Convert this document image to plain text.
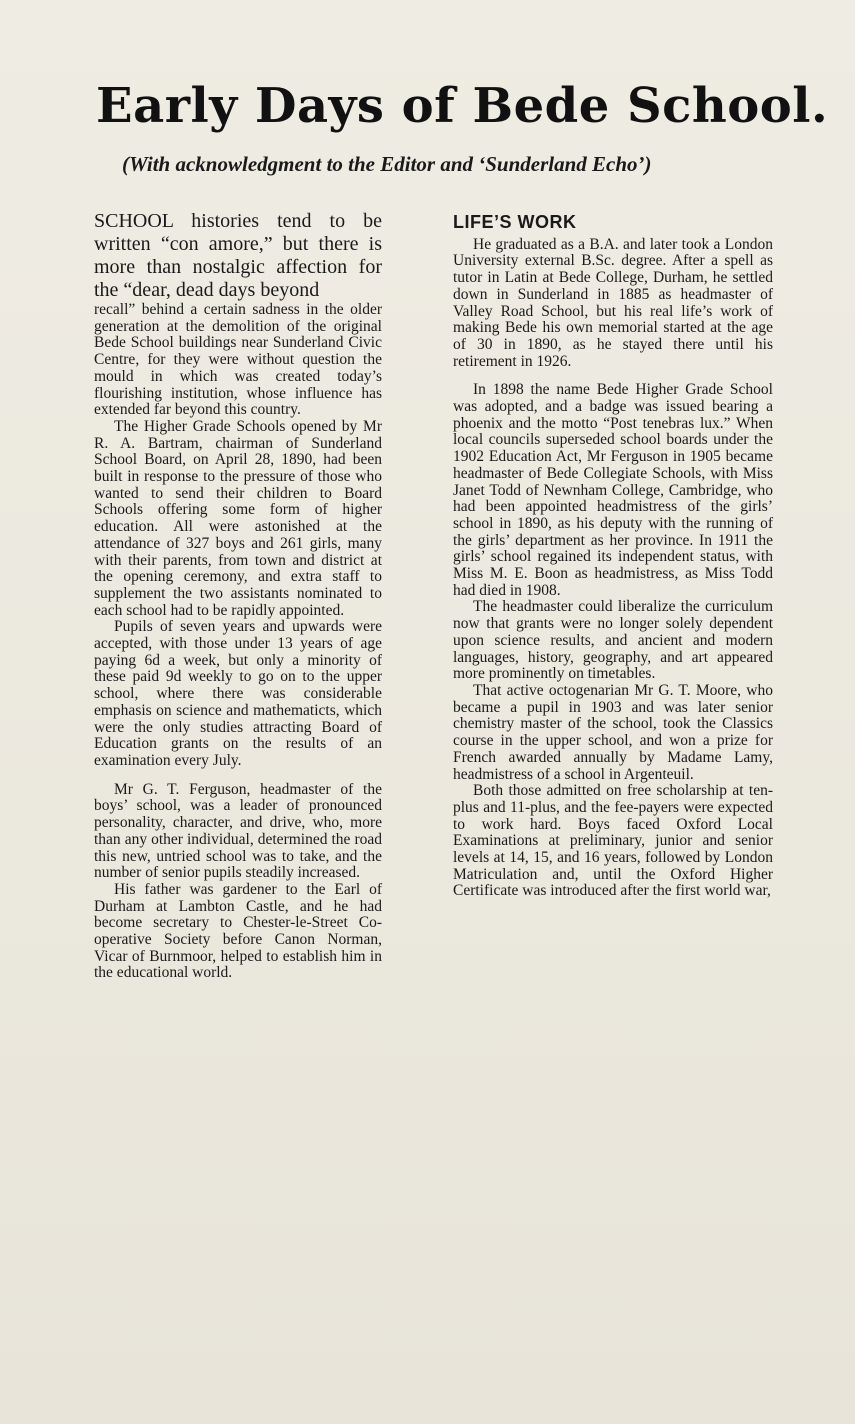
Early Days of Bede School.
(With acknowledgment to the Editor and ‘Sunderland Echo’)

SCHOOL histories tend to be written “con amore,” but there is more than nostalgic affection for the “dear, dead days beyond

recall” behind a certain sadness in the older generation at the demolition of the original Bede School buildings near Sunderland Civic Centre, for they were without question the mould in which was created today’s flourishing institution, whose influence has extended far beyond this country.

The Higher Grade Schools opened by Mr R. A. Bartram, chairman of Sunderland School Board, on April 28, 1890, had been built in response to the pressure of those who wanted to send their children to Board Schools offering some form of higher education. All were astonished at the attendance of 327 boys and 261 girls, many with their parents, from town and district at the opening ceremony, and extra staff to supplement the two assistants nominated to each school had to be rapidly appointed.

Pupils of seven years and upwards were accepted, with those under 13 years of age paying 6d a week, but only a minority of these paid 9d weekly to go on to the upper school, where there was considerable emphasis on science and mathematicts, which were the only studies attracting Board of Education grants on the results of an examination every July.

Mr G. T. Ferguson, headmaster of the boys’ school, was a leader of pronounced personality, character, and drive, who, more than any other individual, determined the road this new, untried school was to take, and the number of senior pupils steadily increased.

His father was gardener to the Earl of Durham at Lambton Castle, and he had become secretary to Chester-le-Street Co-operative Society before Canon Norman, Vicar of Burnmoor, helped to establish him in the educational world.

LIFE’S WORK

He graduated as a B.A. and later took a London University external B.Sc. degree. After a spell as tutor in Latin at Bede College, Durham, he settled down in Sunderland in 1885 as headmaster of Valley Road School, but his real life’s work of making Bede his own memorial started at the age of 30 in 1890, as he stayed there until his retirement in 1926.

In 1898 the name Bede Higher Grade School was adopted, and a badge was issued bearing a phoenix and the motto “Post tenebras lux.” When local councils superseded school boards under the 1902 Education Act, Mr Ferguson in 1905 became headmaster of Bede Collegiate Schools, with Miss Janet Todd of Newnham College, Cambridge, who had been appointed headmistress of the girls’ school in 1890, as his deputy with the running of the girls’ department as her province. In 1911 the girls’ school regained its independent status, with Miss M. E. Boon as headmistress, as Miss Todd had died in 1908.

The headmaster could liberalize the curriculum now that grants were no longer solely dependent upon science results, and ancient and modern languages, history, geography, and art appeared more prominently on timetables.

That active octogenarian Mr G. T. Moore, who became a pupil in 1903 and was later senior chemistry master of the school, took the Classics course in the upper school, and won a prize for French awarded annually by Madame Lamy, headmistress of a school in Argenteuil.

Both those admitted on free scholarship at ten-plus and 11-plus, and the fee-payers were expected to work hard. Boys faced Oxford Local Examinations at preliminary, junior and senior levels at 14, 15, and 16 years, followed by London Matriculation and, until the Oxford Higher Certificate was introduced after the first world war,
